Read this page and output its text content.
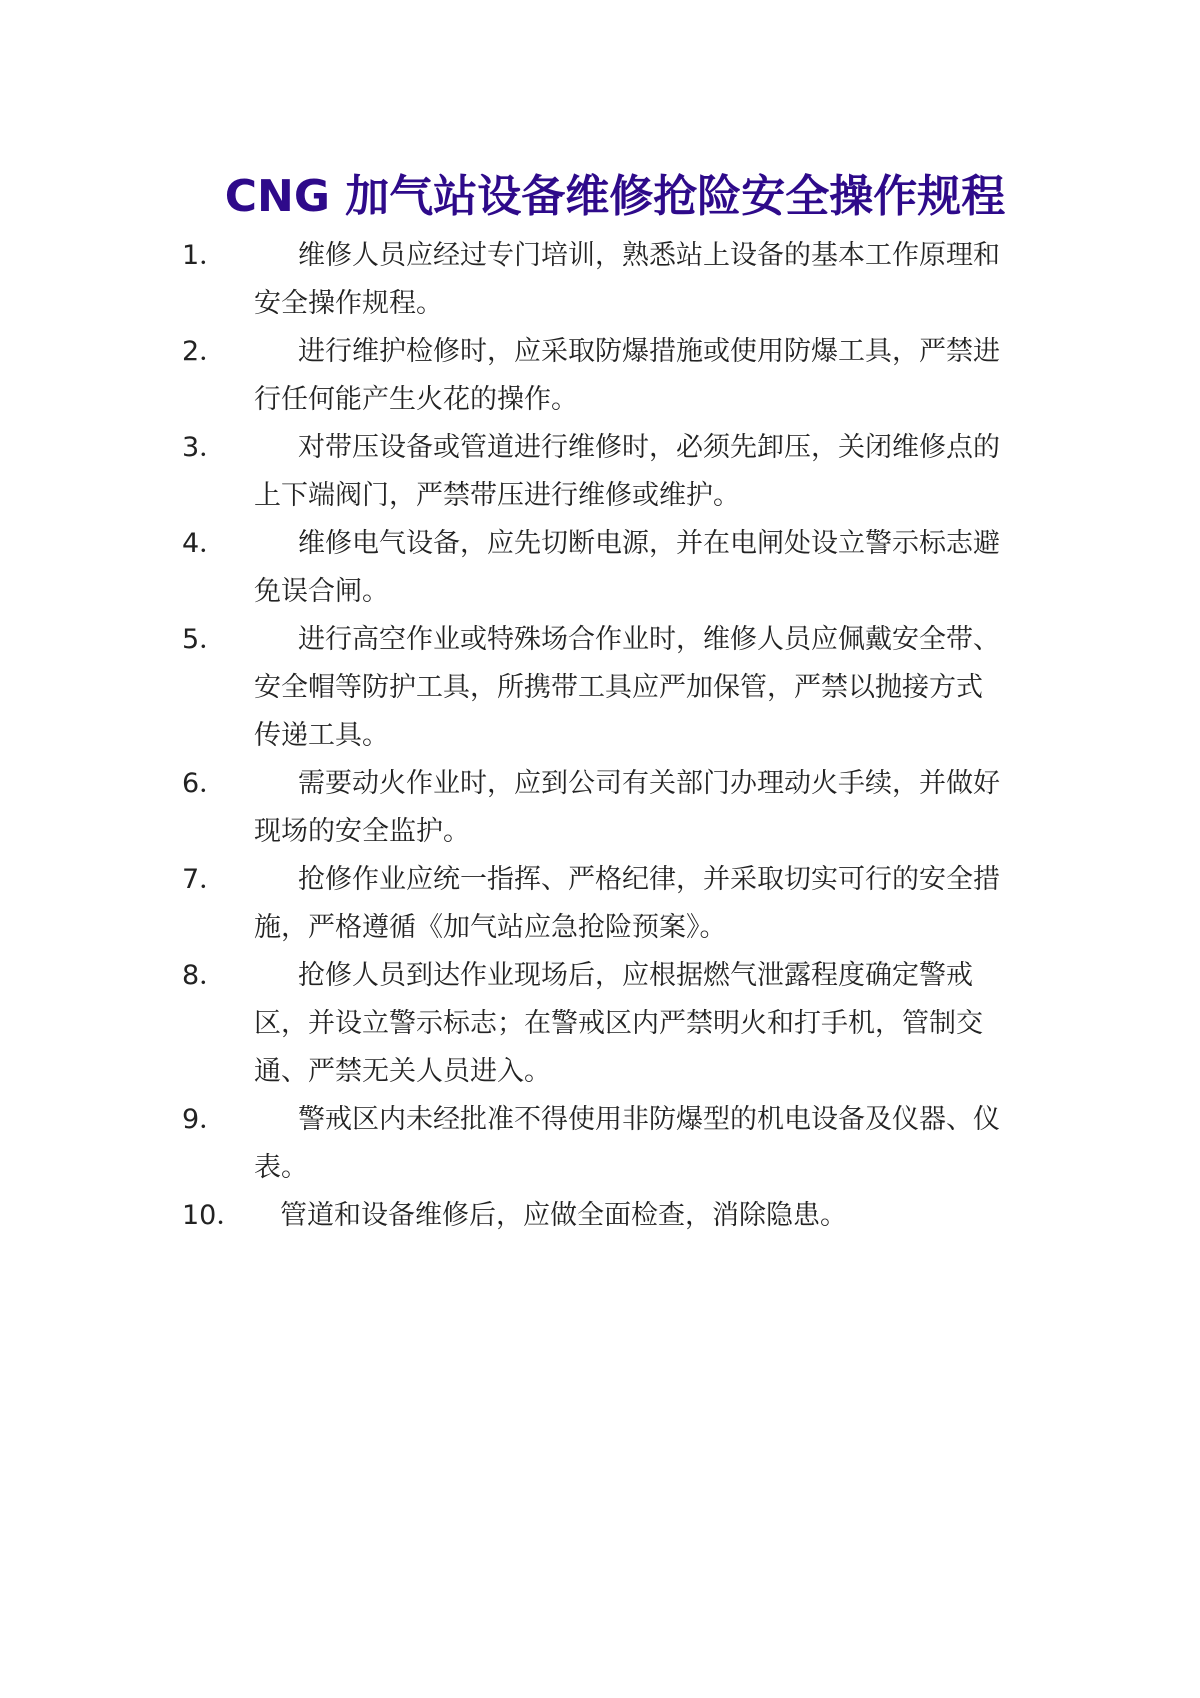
CNG 加气站设备维修抢险安全操作规程
1．	维修人员应经过专门培训，熟悉站上设备的基本工作原理和安全操作规程。
2．	进行维护检修时，应采取防爆措施或使用防爆工具，严禁进行任何能产生火花的操作。
3．	对带压设备或管道进行维修时，必须先卸压，关闭维修点的上下端阀门，严禁带压进行维修或维护。
4．	维修电气设备，应先切断电源，并在电闸处设立警示标志避免误合闸。
5．	进行高空作业或特殊场合作业时，维修人员应佩戴安全带、安全帽等防护工具，所携带工具应严加保管，严禁以抛接方式传递工具。
6．	需要动火作业时，应到公司有关部门办理动火手续，并做好现场的安全监护。
7．	抢修作业应统一指挥、严格纪律，并采取切实可行的安全措施，严格遵循《加气站应急抢险预案》。
8．	抢修人员到达作业现场后，应根据燃气泄露程度确定警戒区，并设立警示标志；在警戒区内严禁明火和打手机，管制交通、严禁无关人员进入。
9．	警戒区内未经批准不得使用非防爆型的机电设备及仪器、仪表。
10．	管道和设备维修后，应做全面检查，消除隐患。
